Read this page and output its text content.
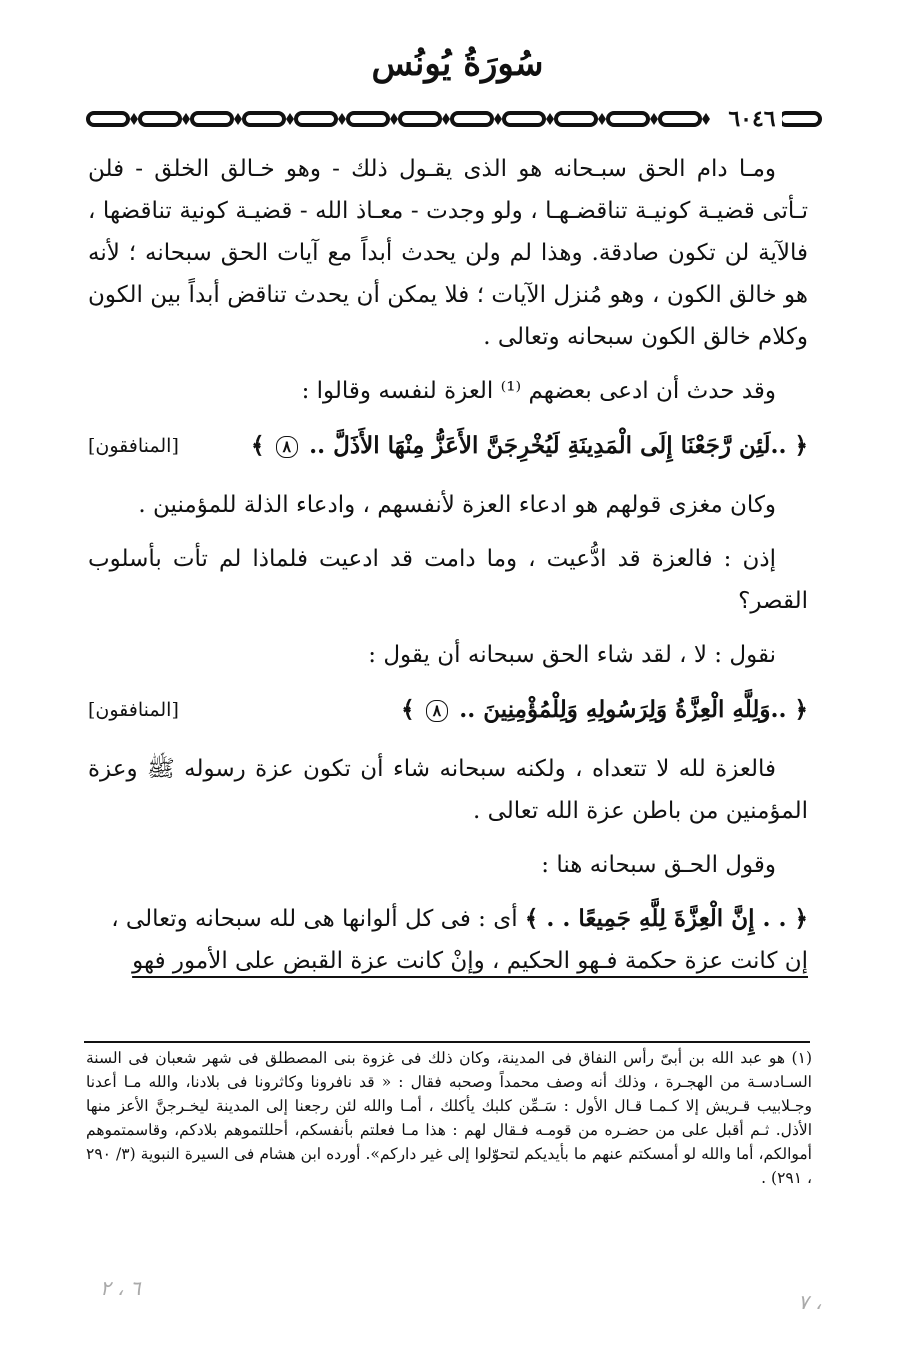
سُورَةُ يُونُس
٦٠٤٦

ومـا دام الحق سبـحانه هو الذى يقـول ذلك - وهو خـالق الخلق - فلن تـأتى قضيـة كونيـة تناقضـهـا ، ولو وجدت - معـاذ الله - قضيـة كونية تناقضها ، فالآية لن تكون صادقة. وهذا لم ولن يحدث أبداً مع آيات الحق سبحانه ؛ لأنه هو خالق الكون ، وهو مُنزل الآيات ؛ فلا يمكن أن يحدث تناقض أبداً بين الكون وكلام خالق الكون سبحانه وتعالى .

وقد حدث أن ادعى بعضهم ⁽¹⁾ العزة لنفسه وقالوا :

﴿ ..لَئِن رَّجَعْنَا إِلَى الْمَدِينَةِ لَيُخْرِجَنَّ الأَعَزُّ مِنْهَا الأَذَلَّ .. ٨ ﴾
[المنافقون]

وكان مغزى قولهم هو ادعاء العزة لأنفسهم ، وادعاء الذلة للمؤمنين .

إذن : فالعزة قد ادُّعيت ، وما دامت قد ادعيت فلماذا لم تأت بأسلوب القصر؟

نقول : لا ، لقد شاء الحق سبحانه أن يقول :

﴿ ..وَلِلَّهِ الْعِزَّةُ وَلِرَسُولِهِ وَلِلْمُؤْمِنِينَ .. ٨ ﴾
[المنافقون]

فالعزة لله لا تتعداه ، ولكنه سبحانه شاء أن تكون عزة رسوله ﷺ وعزة المؤمنين من باطن عزة الله تعالى .

وقول الحـق سبحانه هنا :

﴿ . . إِنَّ الْعِزَّةَ لِلَّهِ جَمِيعًا . . ﴾ أى : فى كل ألوانها هى لله سبحانه وتعالى ،

إن كانت عزة حكمة فـهو الحكيم ، وإنْ كانت عزة القبض على الأمور فهو

(١) هو عبد الله بن أبىّ رأس النفاق فى المدينة، وكان ذلك فى غزوة بنى المصطلق فى شهر شعبان فى السنة السـادسـة من الهجـرة ، وذلك أنه وصف محمداً وصحبه فقال : « قد نافرونا وكاثرونا فى بلادنا، والله مـا أعدنا وجـلابيب قـريش إلا كـمـا قـال الأول : سَـمِّن كلبك يأكلك ، أمـا والله لئن رجعنا إلى المدينة ليخـرجنَّ الأعز منها الأذل. ثـم أقبل على من حضـره من قومـه فـقال لهم : هذا مـا فعلتم بأنفسكم، أحللتموهم بلادكم، وقاسمتموهم أموالكم، أما والله لو أمسكتم عنهم ما بأيديكم لتحوّلوا إلى غير داركم». أورده ابن هشام فى السيرة النبوية (٣/ ٢٩٠ ، ٢٩١) .

٦ ، ٢
٧ ،
